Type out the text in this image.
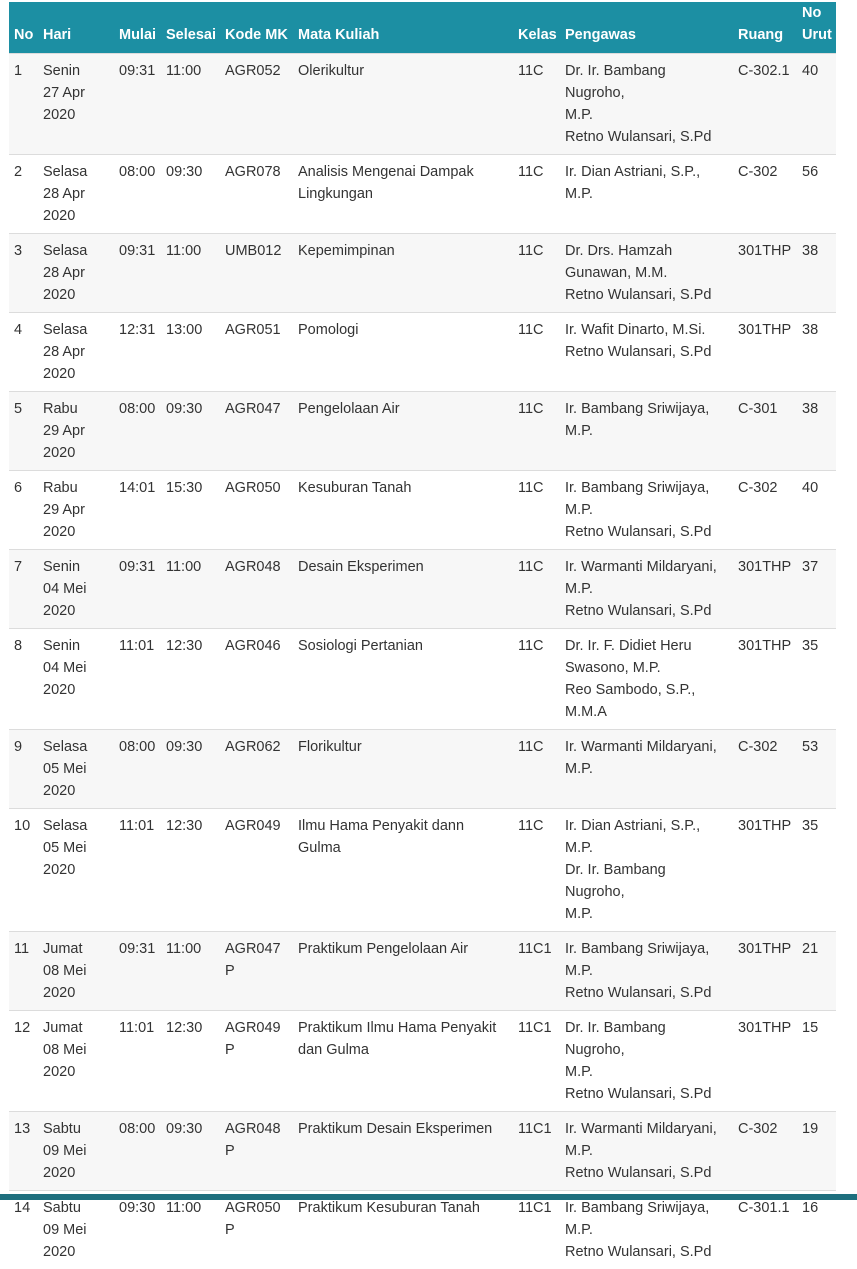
No	Hari	Mulai	Selesai	Kode MK	Mata Kuliah	Kelas	Pengawas	Ruang	No
Urut

1	Senin
27 Apr
2020	09:31	11:00	AGR052	Olerikultur	11C	Dr. Ir. Bambang Nugroho,
M.P.
Retno Wulansari, S.Pd	C-302.1	40
2	Selasa
28 Apr
2020	08:00	09:30	AGR078	Analisis Mengenai Dampak
Lingkungan	11C	Ir. Dian Astriani, S.P., M.P.	C-302	56
3	Selasa
28 Apr
2020	09:31	11:00	UMB012	Kepemimpinan	11C	Dr. Drs. Hamzah
Gunawan, M.M.
Retno Wulansari, S.Pd	301THP	38
4	Selasa
28 Apr
2020	12:31	13:00	AGR051	Pomologi	11C	Ir. Wafit Dinarto, M.Si.
Retno Wulansari, S.Pd	301THP	38
5	Rabu
29 Apr
2020	08:00	09:30	AGR047	Pengelolaan Air	11C	Ir. Bambang Sriwijaya,
M.P.	C-301	38
6	Rabu
29 Apr
2020	14:01	15:30	AGR050	Kesuburan Tanah	11C	Ir. Bambang Sriwijaya,
M.P.
Retno Wulansari, S.Pd	C-302	40
7	Senin
04 Mei
2020	09:31	11:00	AGR048	Desain Eksperimen	11C	Ir. Warmanti Mildaryani,
M.P.
Retno Wulansari, S.Pd	301THP	37
8	Senin
04 Mei
2020	11:01	12:30	AGR046	Sosiologi Pertanian	11C	Dr. Ir. F. Didiet Heru
Swasono, M.P.
Reo Sambodo, S.P.,
M.M.A	301THP	35
9	Selasa
05 Mei
2020	08:00	09:30	AGR062	Florikultur	11C	Ir. Warmanti Mildaryani,
M.P.	C-302	53
10	Selasa
05 Mei
2020	11:01	12:30	AGR049	Ilmu Hama Penyakit dann
Gulma	11C	Ir. Dian Astriani, S.P., M.P.
Dr. Ir. Bambang Nugroho,
M.P.	301THP	35
11	Jumat
08 Mei
2020	09:31	11:00	AGR047P	Praktikum Pengelolaan Air	11C1	Ir. Bambang Sriwijaya,
M.P.
Retno Wulansari, S.Pd	301THP	21
12	Jumat
08 Mei
2020	11:01	12:30	AGR049P	Praktikum Ilmu Hama Penyakit
dan Gulma	11C1	Dr. Ir. Bambang Nugroho,
M.P.
Retno Wulansari, S.Pd	301THP	15
13	Sabtu
09 Mei
2020	08:00	09:30	AGR048P	Praktikum Desain Eksperimen	11C1	Ir. Warmanti Mildaryani,
M.P.
Retno Wulansari, S.Pd	C-302	19
14	Sabtu
09 Mei
2020	09:30	11:00	AGR050P	Praktikum Kesuburan Tanah	11C1	Ir. Bambang Sriwijaya,
M.P.
Retno Wulansari, S.Pd	C-301.1	16
